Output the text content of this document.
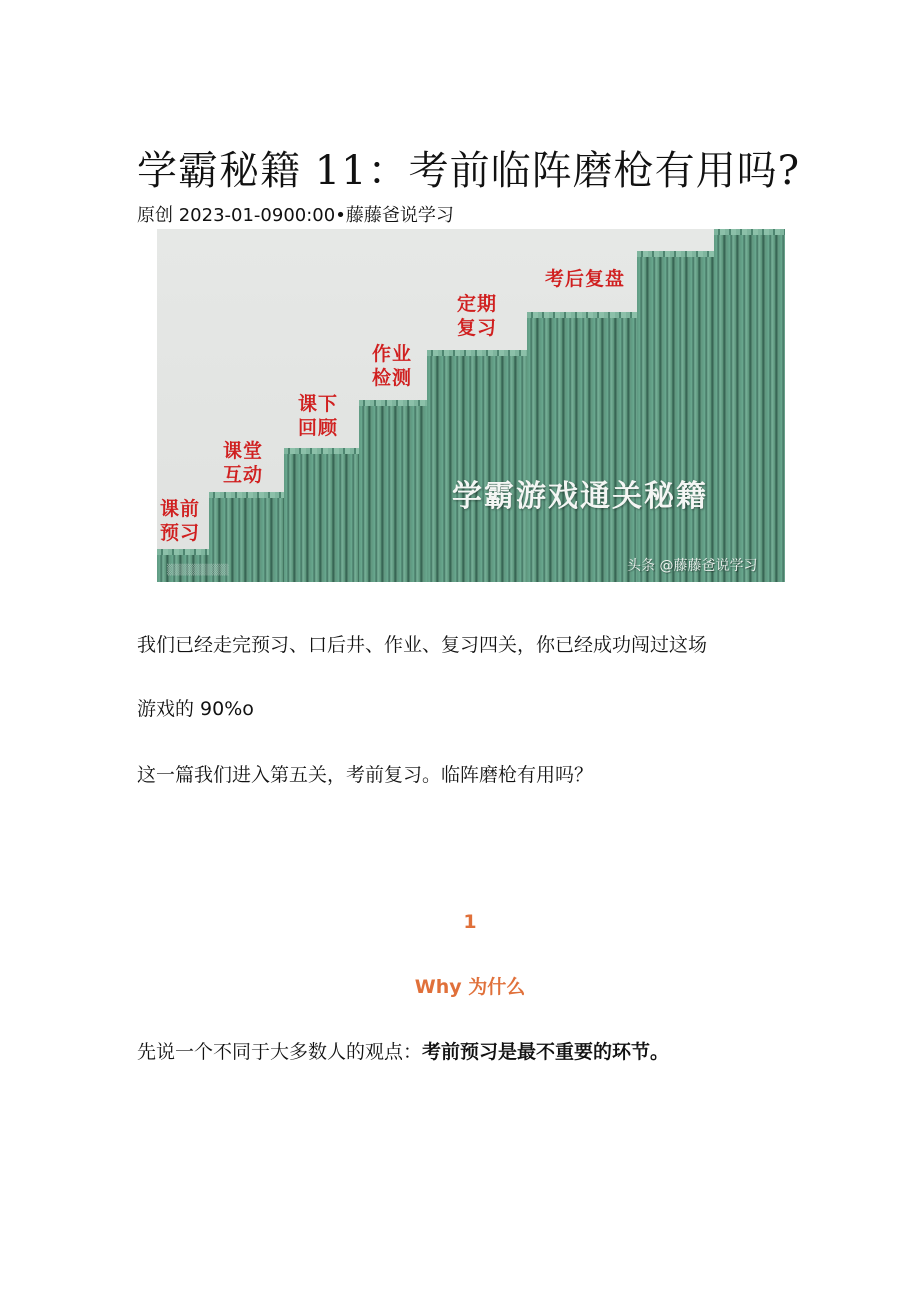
学霸秘籍 11：考前临阵磨枪有用吗?
原创 2023-01-0900:00•藤藤爸说学习
课前
预习
课堂
互动
课下
回顾
作业
检测
定期
复习
考后复盘
学霸游戏通关秘籍
头条 @藤藤爸说学习
▒▒▒▒▒▒▒▒

我们已经走完预习、口后井、作业、复习四关，你已经成功闯过这场

游戏的 90%o

这一篇我们进入第五关，考前复习。临阵磨枪有用吗？

1
Why 为什么

先说一个不同于大多数人的观点：考前预习是最不重要的环节。
